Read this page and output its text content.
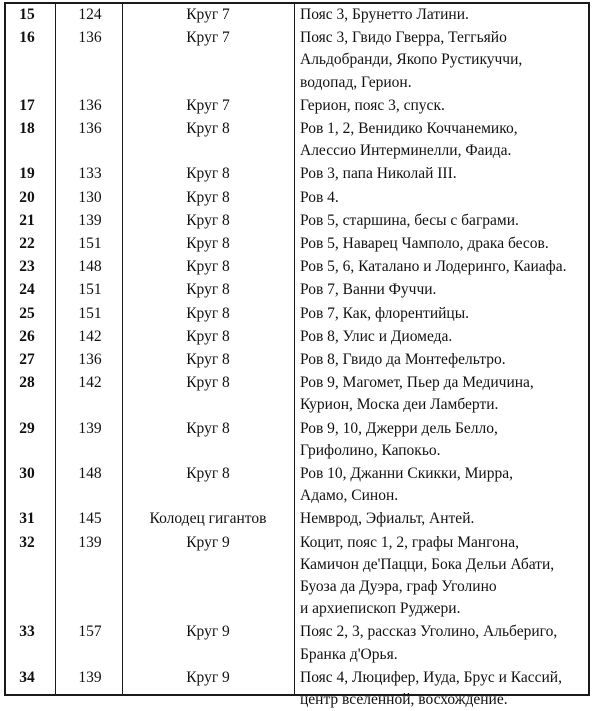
15	124	Круг 7	Пояс 3, Брунетто Латини.
16	136	Круг 7	Пояс 3, Гвидо Гверра, Теггьяйо
Альдобранди, Якопо Рустикуччи,
водопад, Герион.
17	136	Круг 7	Герион, пояс 3, спуск.
18	136	Круг 8	Ров 1, 2, Венидико Коччанемико,
Алессио Интерминелли, Фаида.
19	133	Круг 8	Ров 3, папа Николай III.
20	130	Круг 8	Ров 4.
21	139	Круг 8	Ров 5, старшина, бесы с баграми.
22	151	Круг 8	Ров 5, Наварец Чамполо, драка бесов.
23	148	Круг 8	Ров 5, 6, Каталано и Лодеринго, Каиафа.
24	151	Круг 8	Ров 7, Ванни Фуччи.
25	151	Круг 8	Ров 7, Как, флорентийцы.
26	142	Круг 8	Ров 8, Улис и Диомеда.
27	136	Круг 8	Ров 8, Гвидо да Монтефельтро.
28	142	Круг 8	Ров 9, Магомет, Пьер да Медичина,
Курион, Моска деи Ламберти.
29	139	Круг 8	Ров 9, 10, Джерри дель Белло,
Грифолино, Капокьо.
30	148	Круг 8	Ров 10, Джанни Скикки, Мирра,
Адамо, Синон.
31	145	Колодец гигантов	Немврод, Эфиальт, Антей.
32	139	Круг 9	Коцит, пояс 1, 2, графы Мангона,
Камичон де'Пацци, Бока Дельи Абати,
Буоза да Дуэра, граф Уголино
и архиепископ Руджери.
33	157	Круг 9	Пояс 2, 3, рассказ Уголино, Альбериго,
Бранка д'Орья.
34	139	Круг 9	Пояс 4, Люцифер, Иуда, Брус и Кассий,
центр вселенной, восхождение.
